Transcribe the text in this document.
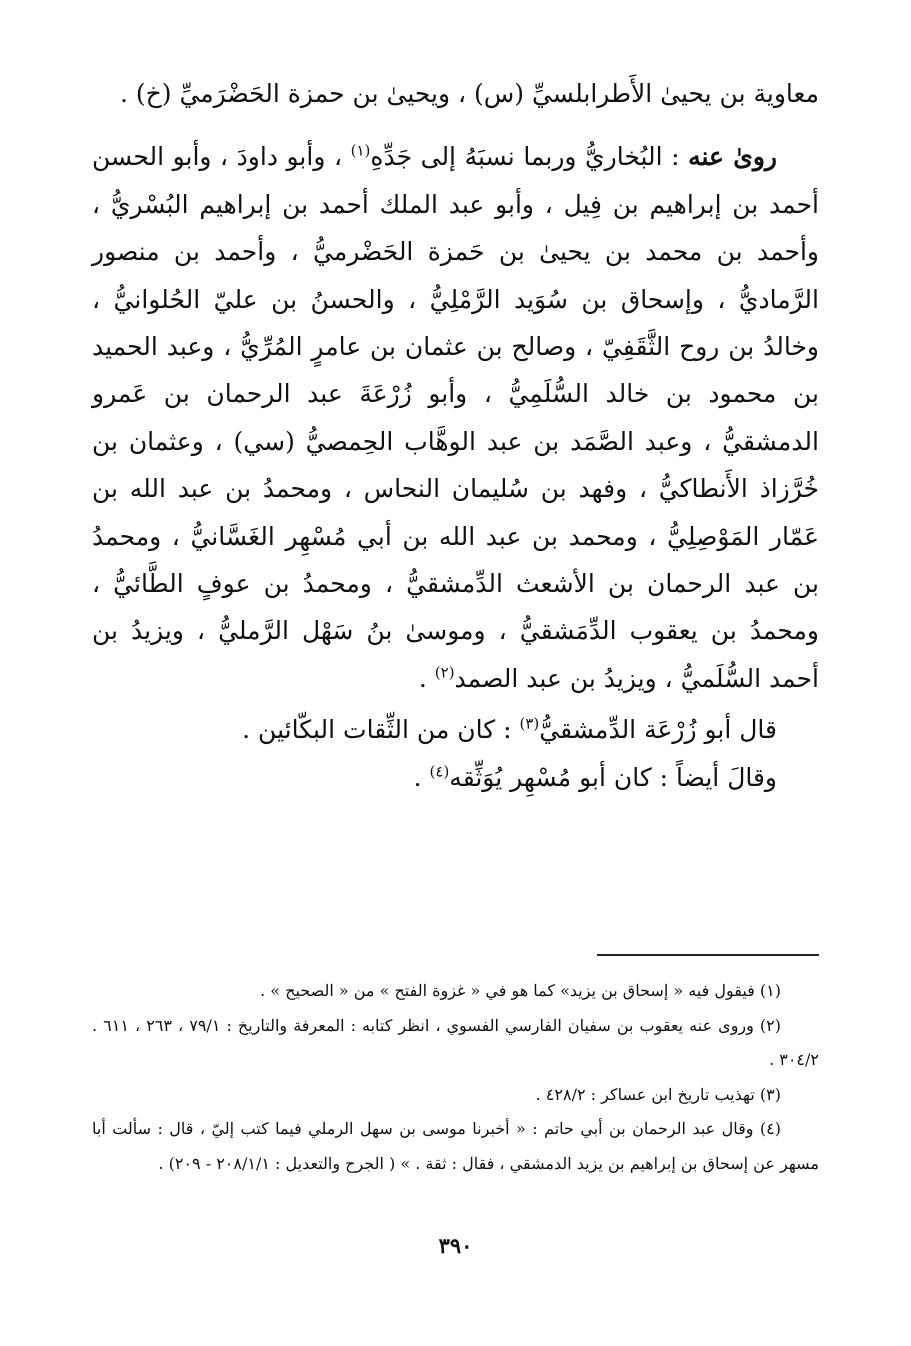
معاوية بن يحيىٰ الأَطرابلسيِّ (س) ، ويحيىٰ بن حمزة الحَضْرَميِّ (خ) .

روىٰ عنه : البُخاريُّ وربما نسبَهُ إلى جَدِّهِ$^{(١)}$ ، وأبو داودَ ، وأبو الحسن أحمد بن إبراهيم بن فِيل ، وأبو عبد الملك أحمد بن إبراهيم البُسْريُّ ، وأحمد بن محمد بن يحيىٰ بن حَمزة الحَضْرميُّ ، وأحمد بن منصور الرَّماديُّ ، وإسحاق بن سُوَيد الرَّمْلِيُّ ، والحسنُ بن عليّ الحُلوانيُّ ، وخالدُ بن روح الثَّقَفِيّ ، وصالح بن عثمان بن عامرٍ المُرِّيُّ ، وعبد الحميد بن محمود بن خالد السُّلَمِيُّ ، وأبو زُرْعَةَ عبد الرحمان بن عَمرو الدمشقيُّ ، وعبد الصَّمَد بن عبد الوهَّاب الحِمصيُّ (سي) ، وعثمان بن خُرَّزاذ الأَنطاكيُّ ، وفهد بن سُليمان النحاس ، ومحمدُ بن عبد الله بن عَمّار المَوْصِلِيُّ ، ومحمد بن عبد الله بن أبي مُسْهِر الغَسَّانيُّ ، ومحمدُ بن عبد الرحمان بن الأشعث الدِّمشقيُّ ، ومحمدُ بن عوفٍ الطَّائيُّ ، ومحمدُ بن يعقوب الدِّمَشقيُّ ، وموسىٰ بنُ سَهْل الرَّمليُّ ، ويزيدُ بن أحمد السُّلَميُّ ، ويزيدُ بن عبد الصمد$^{(٢)}$ .

قال أبو زُرْعَة الدِّمشقيُّ$^{(٣)}$ : كان من الثِّقات البكّائين .

وقالَ أيضاً : كان أبو مُسْهِر يُوَثِّقه$^{(٤)}$ .

(١) فيقول فيه « إسحاق بن يزيد» كما هو في « غزوة الفتح » من « الصحيح » .

(٢) وروى عنه يعقوب بن سفيان الفارسي الفسوي ، انظر كتابه : المعرفة والتاريخ : ٧٩/١ ، ٢٦٣ ، ٦١١ . ٣٠٤/٢ .

(٣) تهذيب تاريخ ابن عساكر : ٤٢٨/٢ .

(٤) وقال عبد الرحمان بن أبي حاتم : « أخبرنا موسى بن سهل الرملي فيما كتب إليّ ، قال : سألت أبا مسهر عن إسحاق بن إبراهيم بن يزيد الدمشقي ، فقال : ثقة . » ( الجرح والتعديل : ٢٠٨/١/١ - ٢٠٩) .

٣٩٠
